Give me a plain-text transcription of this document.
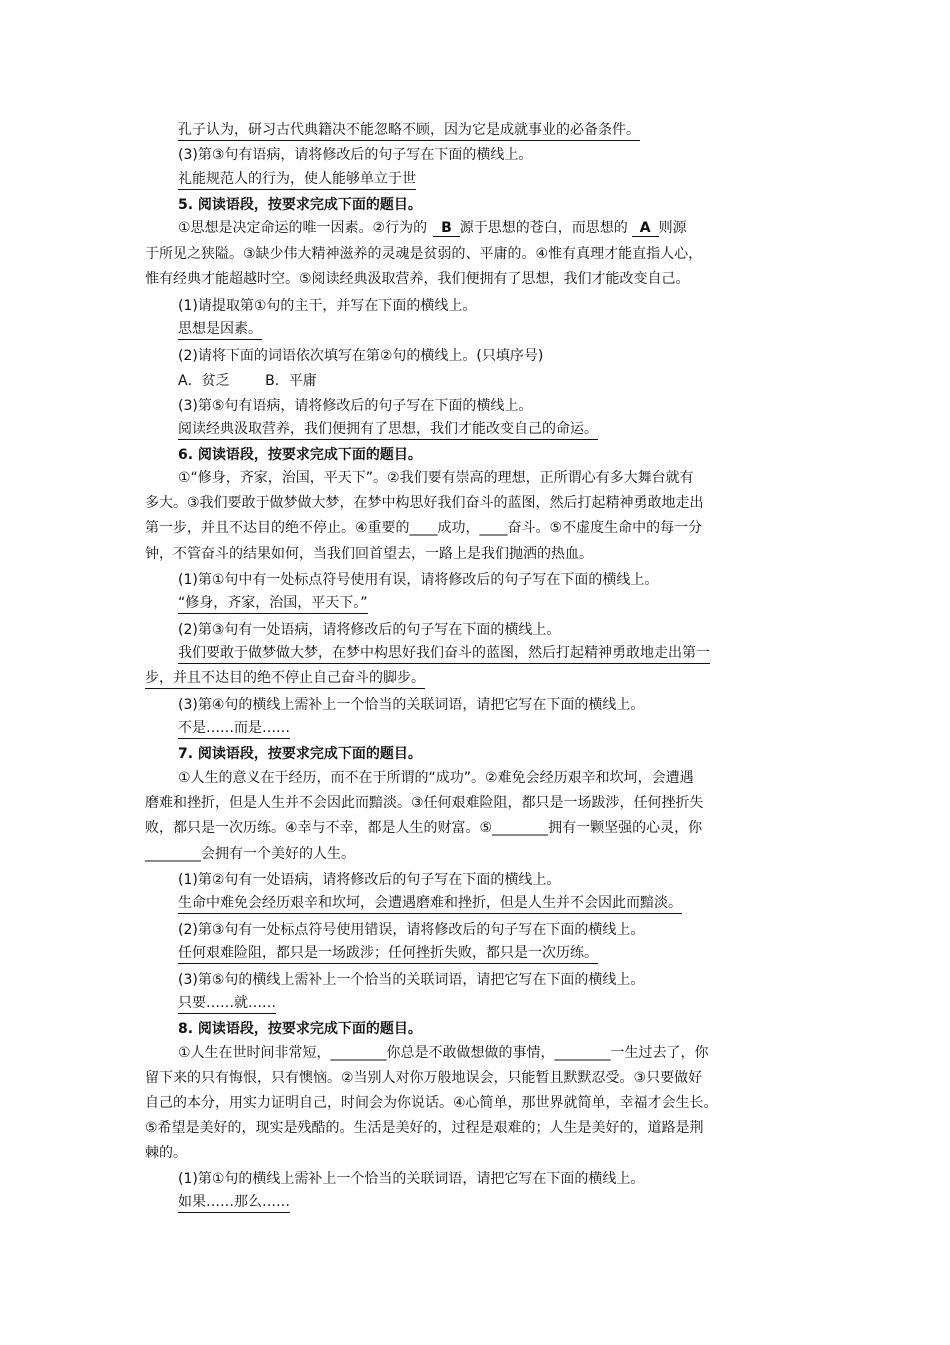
孔子认为，研习古代典籍决不能忽略不顾，因为它是成就事业的必备条件。
(3)第③句有语病，请将修改后的句子写在下面的横线上。
礼能规范人的行为，使人能够单立于世
5. 阅读语段，按要求完成下面的题目。
①思想是决定命运的唯一因素。②行为的 B 源于思想的苍白，而思想的 A 则源
于所见之狭隘。③缺少伟大精神滋养的灵魂是贫弱的、平庸的。④惟有真理才能直指人心，
惟有经典才能超越时空。⑤阅读经典汲取营养，我们便拥有了思想，我们才能改变自己。
(1)请提取第①句的主干，并写在下面的横线上。
思想是因素。
(2)请将下面的词语依次填写在第②句的横线上。(只填序号)
A．贫乏        B．平庸
(3)第⑤句有语病，请将修改后的句子写在下面的横线上。
阅读经典汲取营养，我们便拥有了思想，我们才能改变自己的命运。
6. 阅读语段，按要求完成下面的题目。
①“修身，齐家，治国，平天下”。②我们要有崇高的理想，正所谓心有多大舞台就有
多大。③我们要敢于做梦做大梦，在梦中构思好我们奋斗的蓝图，然后打起精神勇敢地走出
第一步，并且不达目的绝不停止。④重要的____成功，____奋斗。⑤不虚度生命中的每一分
钟，不管奋斗的结果如何，当我们回首望去，一路上是我们抛洒的热血。
(1)第①句中有一处标点符号使用有误，请将修改后的句子写在下面的横线上。
“修身，齐家，治国，平天下。”
(2)第③句有一处语病，请将修改后的句子写在下面的横线上。
我们要敢于做梦做大梦，在梦中构思好我们奋斗的蓝图，然后打起精神勇敢地走出第一
步，并且不达目的绝不停止自己奋斗的脚步。
(3)第④句的横线上需补上一个恰当的关联词语，请把它写在下面的横线上。
不是……而是……
7. 阅读语段，按要求完成下面的题目。
①人生的意义在于经历，而不在于所谓的“成功”。②难免会经历艰辛和坎坷，会遭遇
磨难和挫折，但是人生并不会因此而黯淡。③任何艰难险阻，都只是一场跋涉，任何挫折失
败，都只是一次历练。④幸与不幸，都是人生的财富。⑤________拥有一颗坚强的心灵，你
________会拥有一个美好的人生。
(1)第②句有一处语病，请将修改后的句子写在下面的横线上。
生命中难免会经历艰辛和坎坷，会遭遇磨难和挫折，但是人生并不会因此而黯淡。
(2)第③句有一处标点符号使用错误，请将修改后的句子写在下面的横线上。
任何艰难险阻，都只是一场跋涉；任何挫折失败，都只是一次历练。
(3)第⑤句的横线上需补上一个恰当的关联词语，请把它写在下面的横线上。
只要……就……
8. 阅读语段，按要求完成下面的题目。
①人生在世时间非常短，________你总是不敢做想做的事情，________一生过去了，你
留下来的只有悔恨，只有懊恼。②当别人对你万般地误会，只能暂且默默忍受。③只要做好
自己的本分，用实力证明自己，时间会为你说话。④心简单，那世界就简单，幸福才会生长。
⑤希望是美好的，现实是残酷的。生活是美好的，过程是艰难的；人生是美好的，道路是荆
棘的。
(1)第①句的横线上需补上一个恰当的关联词语，请把它写在下面的横线上。
如果……那么……
